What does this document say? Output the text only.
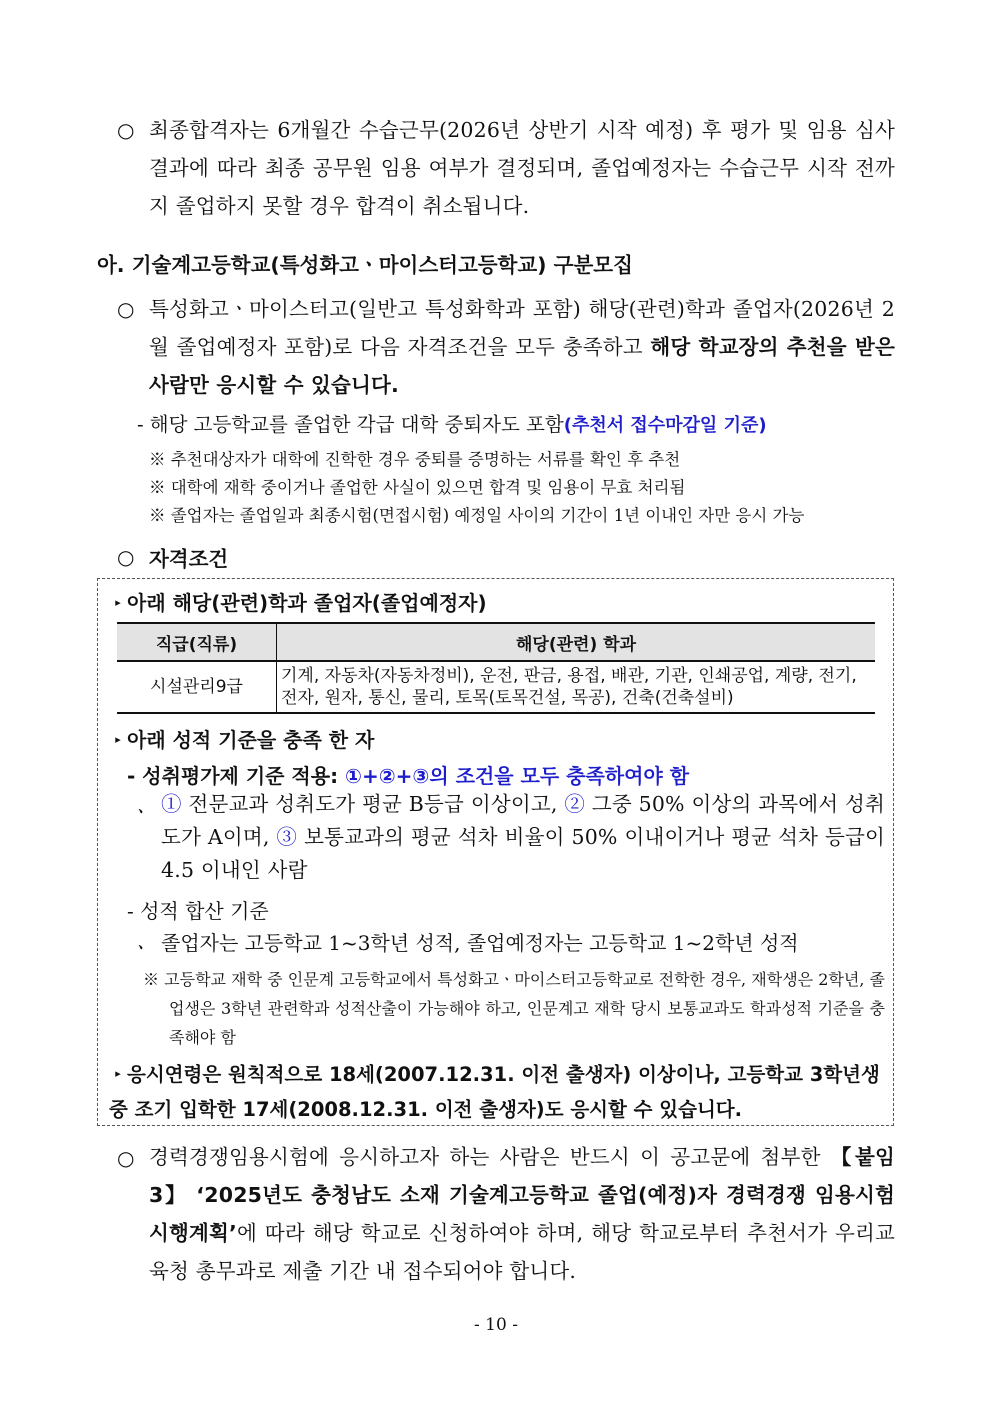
○ 최종합격자는 6개월간 수습근무(2026년 상반기 시작 예정) 후 평가 및 임용 심사 결과에 따라 최종 공무원 임용 여부가 결정되며, 졸업예정자는 수습근무 시작 전까지 졸업하지 못할 경우 합격이 취소됩니다.
아. 기술계고등학교(특성화고ㆍ마이스터고등학교) 구분모집
○ 특성화고ㆍ마이스터고(일반고 특성화학과 포함) 해당(관련)학과 졸업자(2026년 2월 졸업예정자 포함)로 다음 자격조건을 모두 충족하고 해당 학교장의 추천을 받은 사람만 응시할 수 있습니다.
- 해당 고등학교를 졸업한 각급 대학 중퇴자도 포함(추천서 접수마감일 기준)
※ 추천대상자가 대학에 진학한 경우 중퇴를 증명하는 서류를 확인 후 추천
※ 대학에 재학 중이거나 졸업한 사실이 있으면 합격 및 임용이 무효 처리됨
※ 졸업자는 졸업일과 최종시험(면접시험) 예정일 사이의 기간이 1년 이내인 자만 응시 가능
○ 자격조건
▸ 아래 해당(관련)학과 졸업자(졸업예정자)
직급(직류)	해당(관련) 학과
시설관리9급	기계, 자동차(자동차정비), 운전, 판금, 용접, 배관, 기관, 인쇄공업, 계량, 전기, 전자, 원자, 통신, 물리, 토목(토목건설, 목공), 건축(건축설비)
▸ 아래 성적 기준을 충족 한 자
- 성취평가제 기준 적용: ①+②+③의 조건을 모두 충족하여야 함
ㆍ ① 전문교과 성취도가 평균 B등급 이상이고, ② 그중 50% 이상의 과목에서 성취도가 A이며, ③ 보통교과의 평균 석차 비율이 50% 이내이거나 평균 석차 등급이 4.5 이내인 사람
- 성적 합산 기준
ㆍ 졸업자는 고등학교 1~3학년 성적, 졸업예정자는 고등학교 1~2학년 성적
※ 고등학교 재학 중 인문계 고등학교에서 특성화고ㆍ마이스터고등학교로 전학한 경우, 재학생은 2학년, 졸업생은 3학년 관련학과 성적산출이 가능해야 하고, 인문계고 재학 당시 보통교과도 학과성적 기준을 충족해야 함
▸ 응시연령은 원칙적으로 18세(2007.12.31. 이전 출생자) 이상이나, 고등학교 3학년생 중 조기 입학한 17세(2008.12.31. 이전 출생자)도 응시할 수 있습니다.
○ 경력경쟁임용시험에 응시하고자 하는 사람은 반드시 이 공고문에 첨부한 【붙임3】 ‘2025년도 충청남도 소재 기술계고등학교 졸업(예정)자 경력경쟁 임용시험 시행계획’에 따라 해당 학교로 신청하여야 하며, 해당 학교로부터 추천서가 우리교육청 총무과로 제출 기간 내 접수되어야 합니다.
- 10 -
